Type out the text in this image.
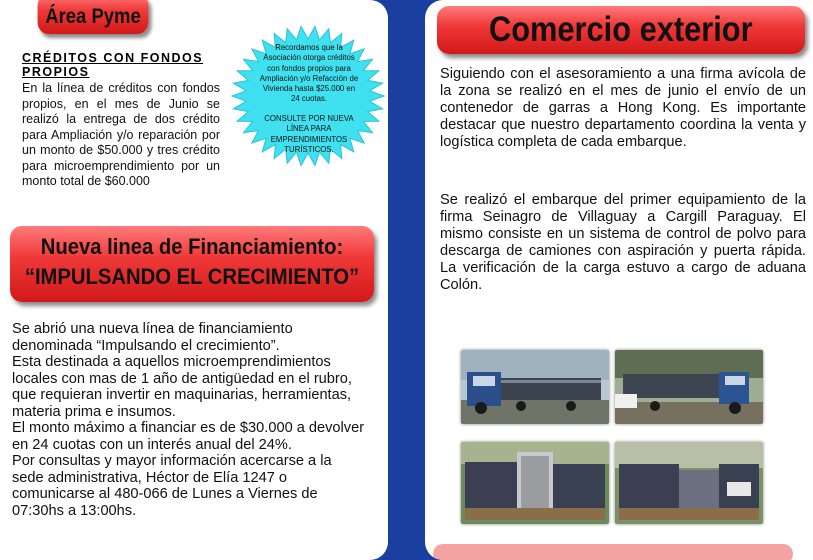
Área Pyme
CRÉDITOS CON FONDOS PROPIOS
En la línea de créditos con fondos propios, en el mes de Junio se realizó la entrega de dos crédito para Ampliación y/o reparación por un monto de $50.000 y tres crédito para microemprendimiento por un monto total de $60.000
Recordamos que la Asociación otorga créditos con fondos propios para Ampliación y/o Refacción de Vivienda hasta $25.000 en 24 cuotas.
CONSULTE POR NUEVA LÍNEA PARA EMPRENDIMIENTOS TURÍSTICOS.
Nueva linea de Financiamiento:
“IMPULSANDO EL CRECIMIENTO”

Se abrió una nueva línea de financiamiento denominada “Impulsando el crecimiento”.

Esta destinada a aquellos microemprendimientos locales con mas de 1 año de antigüedad en el rubro, que requieran invertir en maquinarias, herramientas, materia prima e insumos.

El monto máximo a financiar es de $30.000 a devolver en 24 cuotas con un interés anual del 24%.

Por consultas y mayor información acercarse a la sede administrativa, Héctor de Elía 1247 o comunicarse al 480-066 de Lunes a Viernes de 07:30hs a 13:00hs.

Comercio exterior
Siguiendo con el asesoramiento a una firma avícola de la zona se realizó en el mes de junio el envío de un contenedor de garras a Hong Kong. Es importante destacar que nuestro departamento coordina la venta y logística completa de cada embarque.
Se realizó el embarque del primer equipamiento de la firma Seinagro de Villaguay a Cargill Paraguay. El mismo consiste en un sistema de control de polvo para descarga de camiones con aspiración y puerta rápida. La verificación de la carga estuvo a cargo de aduana Colón.
